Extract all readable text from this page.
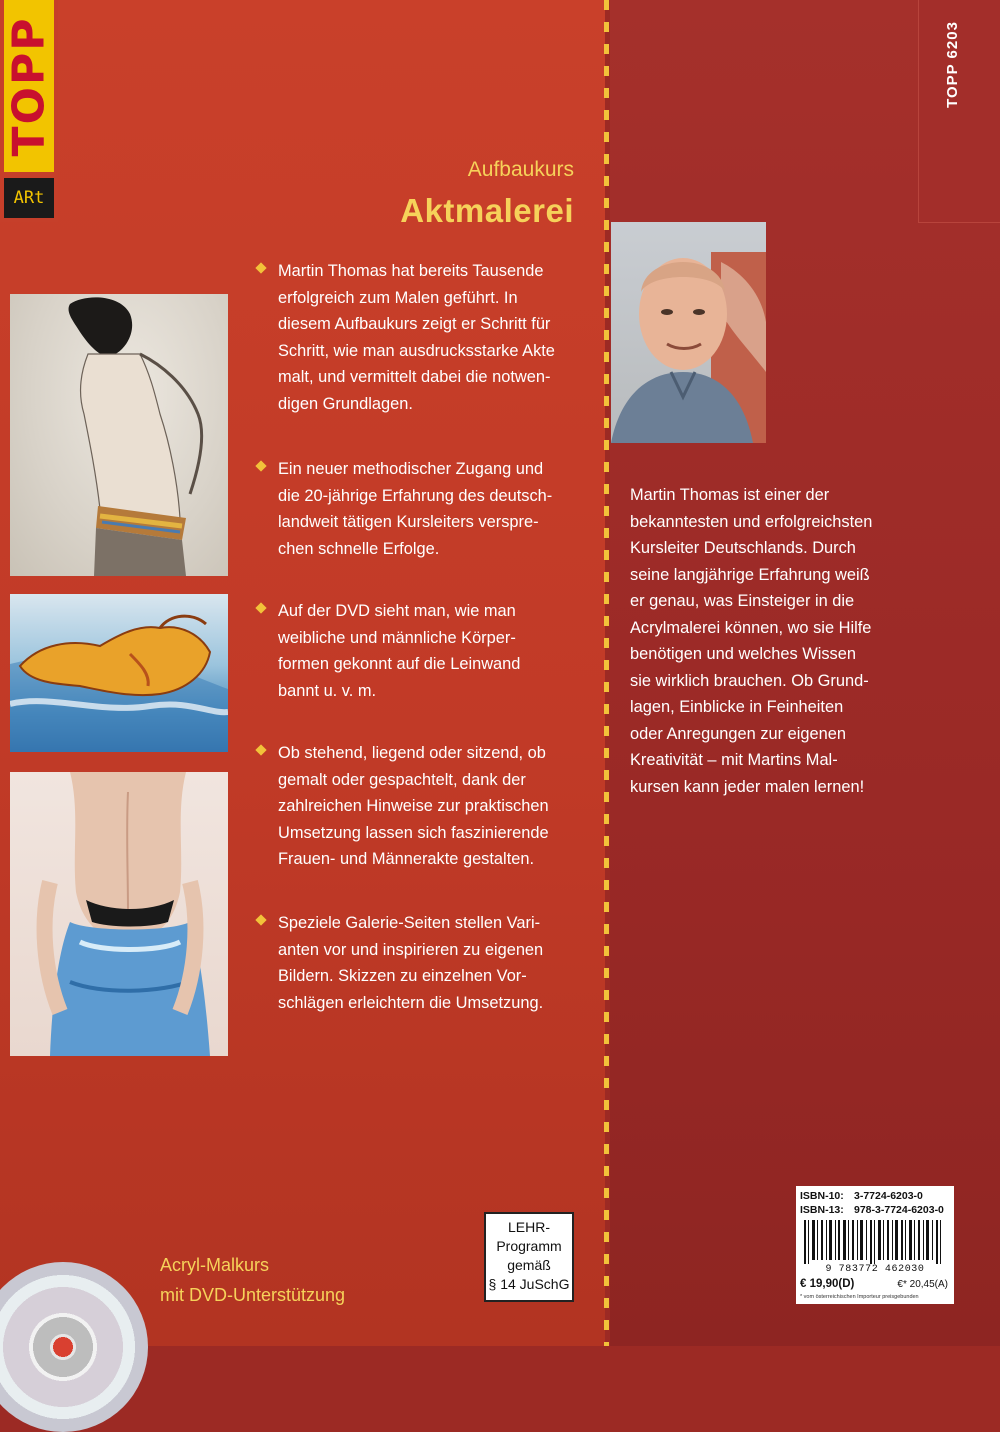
TOPP
ARt
TOPP 6203
Aufbaukurs
Aktmalerei
Martin Thomas hat bereits Tausende
erfolgreich zum Malen geführt. In
diesem Aufbaukurs zeigt er Schritt für
Schritt, wie man ausdrucksstarke Akte
malt, und vermittelt dabei die notwen-
digen Grundlagen.
Ein neuer methodischer Zugang und
die 20-jährige Erfahrung des deutsch-
landweit tätigen Kursleiters verspre-
chen schnelle Erfolge.
Auf der DVD sieht man, wie man
weibliche und männliche Körper-
formen gekonnt auf die Leinwand
bannt u. v. m.
Ob stehend, liegend oder sitzend, ob
gemalt oder gespachtelt, dank der
zahlreichen Hinweise zur praktischen
Umsetzung lassen sich faszinierende
Frauen- und Männerakte gestalten.
Speziele Galerie-Seiten stellen Vari-
anten vor und inspirieren zu eigenen
Bildern. Skizzen zu einzelnen Vor-
schlägen erleichtern die Umsetzung.
Martin Thomas ist einer der
bekanntesten und erfolgreichsten
Kursleiter Deutschlands. Durch
seine langjährige Erfahrung weiß
er genau, was Einsteiger in die
Acrylmalerei können, wo sie Hilfe
benötigen und welches Wissen
sie wirklich brauchen. Ob Grund-
lagen, Einblicke in Feinheiten
oder Anregungen zur eigenen
Kreativität – mit Martins Mal-
kursen kann jeder malen lernen!
LEHR-
Programm
gemäß
§ 14 JuSchG
Acryl-Malkurs
mit DVD-Unterstützung
ISBN-10: 3-7724-6203-0
ISBN-13: 978-3-7724-6203-0
9 783772 462030
€ 19,90(D)	€* 20,45(A)
* vom österreichischen Importeur preisgebunden
